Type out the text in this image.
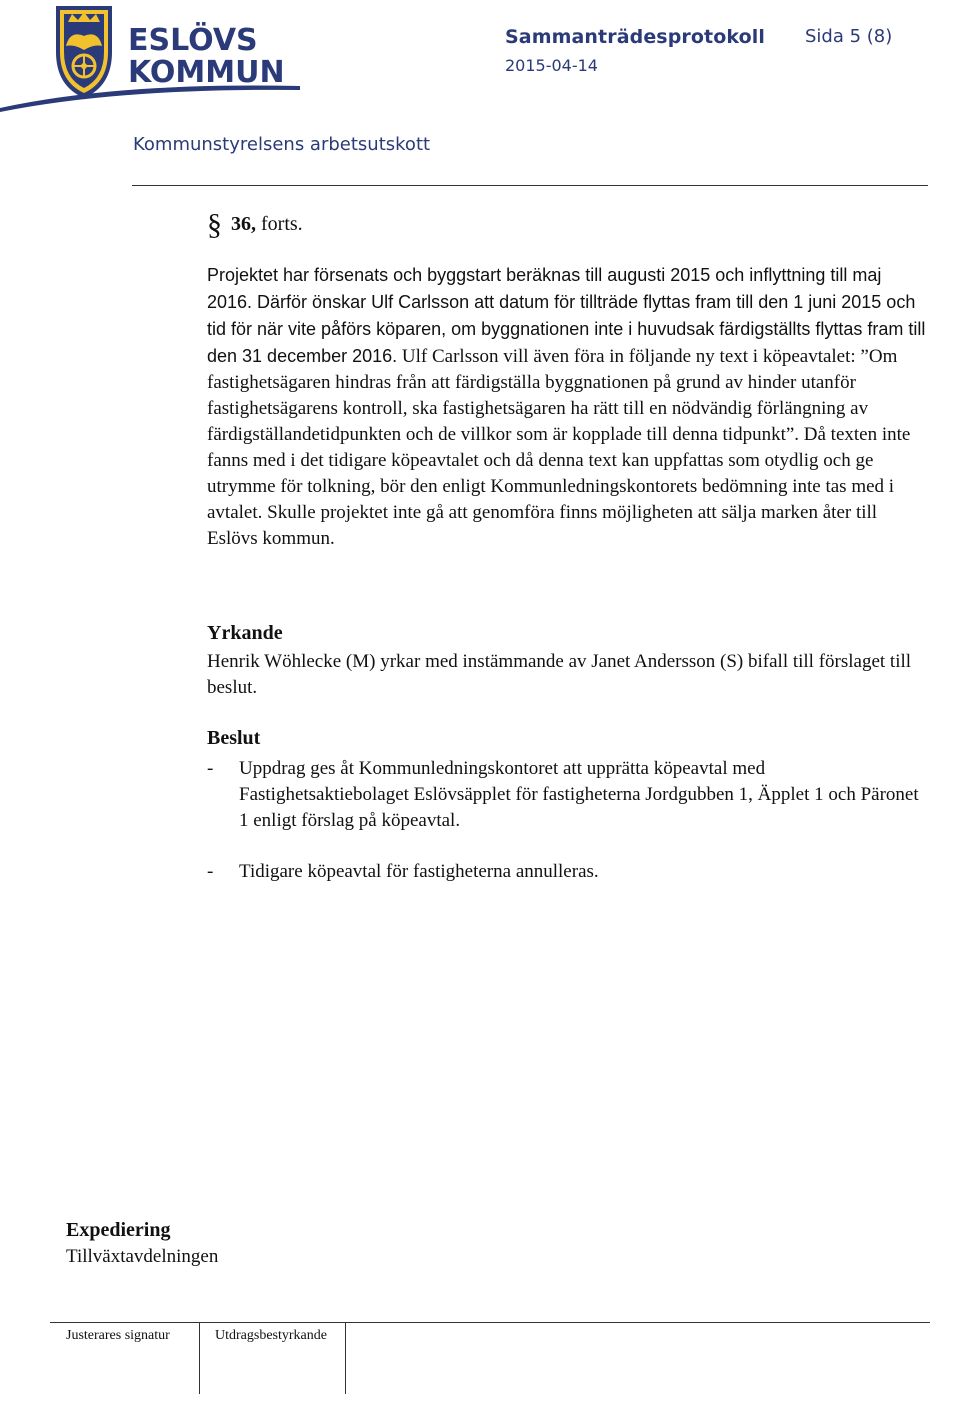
ESLÖVS
KOMMUN
Sammanträdesprotokoll Sida 5 (8)
2015-04-14
Kommunstyrelsens arbetsutskott
§ 36, forts.
Projektet har försenats och byggstart beräknas till augusti 2015 och inflyttning till maj 2016. Därför önskar Ulf Carlsson att datum för tillträde flyttas fram till den 1 juni 2015 och tid för när vite påförs köparen, om byggnationen inte i huvudsak färdigställts flyttas fram till den 31 december 2016. Ulf Carlsson vill även föra in följande ny text i köpeavtalet: ”Om fastighetsägaren hindras från att färdigställa byggnationen på grund av hinder utanför fastighetsägarens kontroll, ska fastighetsägaren ha rätt till en nödvändig förlängning av färdigställandetidpunkten och de villkor som är kopplade till denna tidpunkt”. Då texten inte fanns med i det tidigare köpeavtalet och då denna text kan uppfattas som otydlig och ge utrymme för tolkning, bör den enligt Kommunledningskontorets bedömning inte tas med i avtalet. Skulle projektet inte gå att genomföra finns möjligheten att sälja marken åter till Eslövs kommun.
Yrkande
Henrik Wöhlecke (M) yrkar med instämmande av Janet Andersson (S) bifall till förslaget till beslut.
Beslut
-	Uppdrag ges åt Kommunledningskontoret att upprätta köpeavtal med Fastighetsaktiebolaget Eslövsäpplet för fastigheterna Jordgubben 1, Äpplet 1 och Päronet 1 enligt förslag på köpeavtal.
-	Tidigare köpeavtal för fastigheterna annulleras.
Expediering
Tillväxtavdelningen
Justerares signatur	Utdragsbestyrkande
